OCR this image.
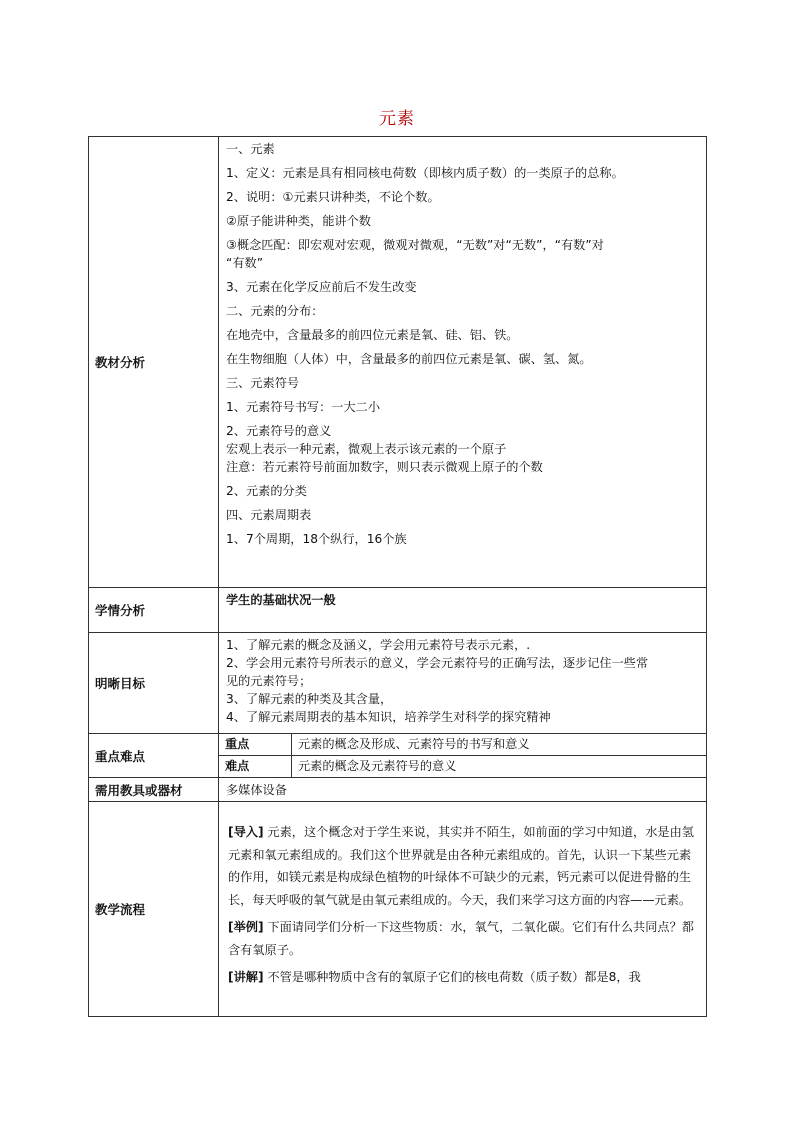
元素
教材分析	
一、元素
1、定义：元素是具有相同核电荷数（即核内质子数）的一类原子的总称。
2、说明：①元素只讲种类，不论个数。
②原子能讲种类，能讲个数
③概念匹配：即宏观对宏观，微观对微观，“无数”对“无数”，“有数”对
“有数”
3、元素在化学反应前后不发生改变
二、元素的分布：
在地壳中，含量最多的前四位元素是氧、硅、铝、铁。
在生物细胞（人体）中，含量最多的前四位元素是氧、碳、氢、氮。
三、元素符号
1、元素符号书写：一大二小
2、元素符号的意义
宏观上表示一种元素，微观上表示该元素的一个原子
注意：若元素符号前面加数字，则只表示微观上原子的个数
2、元素的分类
四、元素周期表
1、7个周期，18个纵行，16个族

学情分析	
学生的基础状况一般

明晰目标	
1、了解元素的概念及涵义，学会用元素符号表示元素，.
2、学会用元素符号所表示的意义，学会元素符号的正确写法，逐步记住一些常
见的元素符号；
3、了解元素的种类及其含量，
4、了解元素周期表的基本知识，培养学生对科学的探究精神

重点难点	
重点	元素的概念及形成、元素符号的书写和意义
难点	元素的概念及元素符号的意义

需用教具或器材	多媒体设备

教学流程	

[导入] 元素，这个概念对于学生来说，其实并不陌生，如前面的学习中知道，水是由氢元素和氧元素组成的。我们这个世界就是由各种元素组成的。首先，认识一下某些元素的作用，如镁元素是构成绿色植物的叶绿体不可缺少的元素，钙元素可以促进骨骼的生长，每天呼吸的氧气就是由氧元素组成的。今天，我们来学习这方面的内容——元素。

[举例] 下面请同学们分析一下这些物质：水，氧气，二氧化碳。它们有什么共同点？都含有氧原子。

[讲解] 不管是哪种物质中含有的氧原子它们的核电荷数（质子数）都是8，我
